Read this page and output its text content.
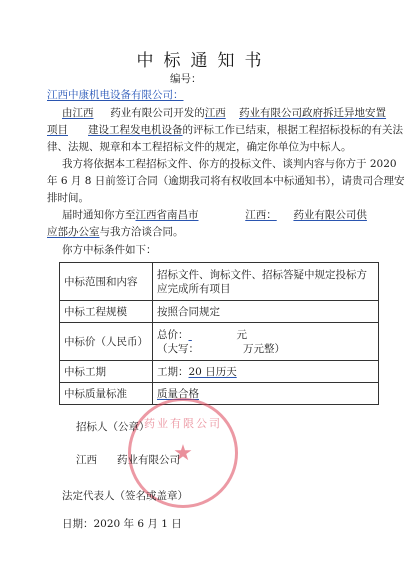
中标通知书
编号：
江西中康机电设备有限公司：
由江西 药业有限公司开发的江西 药业有限公司政府拆迁异地安置
项目 建设工程发电机设备的评标工作已结束，根据工程招标投标的有关法
律、法规、规章和本工程招标文件的规定，确定你单位为中标人。
我方将依据本工程招标文件、你方的投标文件、谈判内容与你方于 2020
年 6 月 8 日前签订合同（逾期我司将有权收回本中标通知书），请贵司合理安
排时间。
届时通知你方至江西省南昌市	江西： 药业有限公司供
应部办公室与我方洽谈合同。
你方中标条件如下：
中标范围和内容	招标文件、询标文件、招标答疑中规定投标方应完成所有项目
中标工程规模	按照合同规定
中标价（人民币）	总价： 元
（大写： 万元整）

中标工期	工期：20 日历天
中标质量标准	质量合格
药业有限公司
★
招标人（公章）
江西 药业有限公司
法定代表人（签名或盖章）
日期：2020 年 6 月 1 日
